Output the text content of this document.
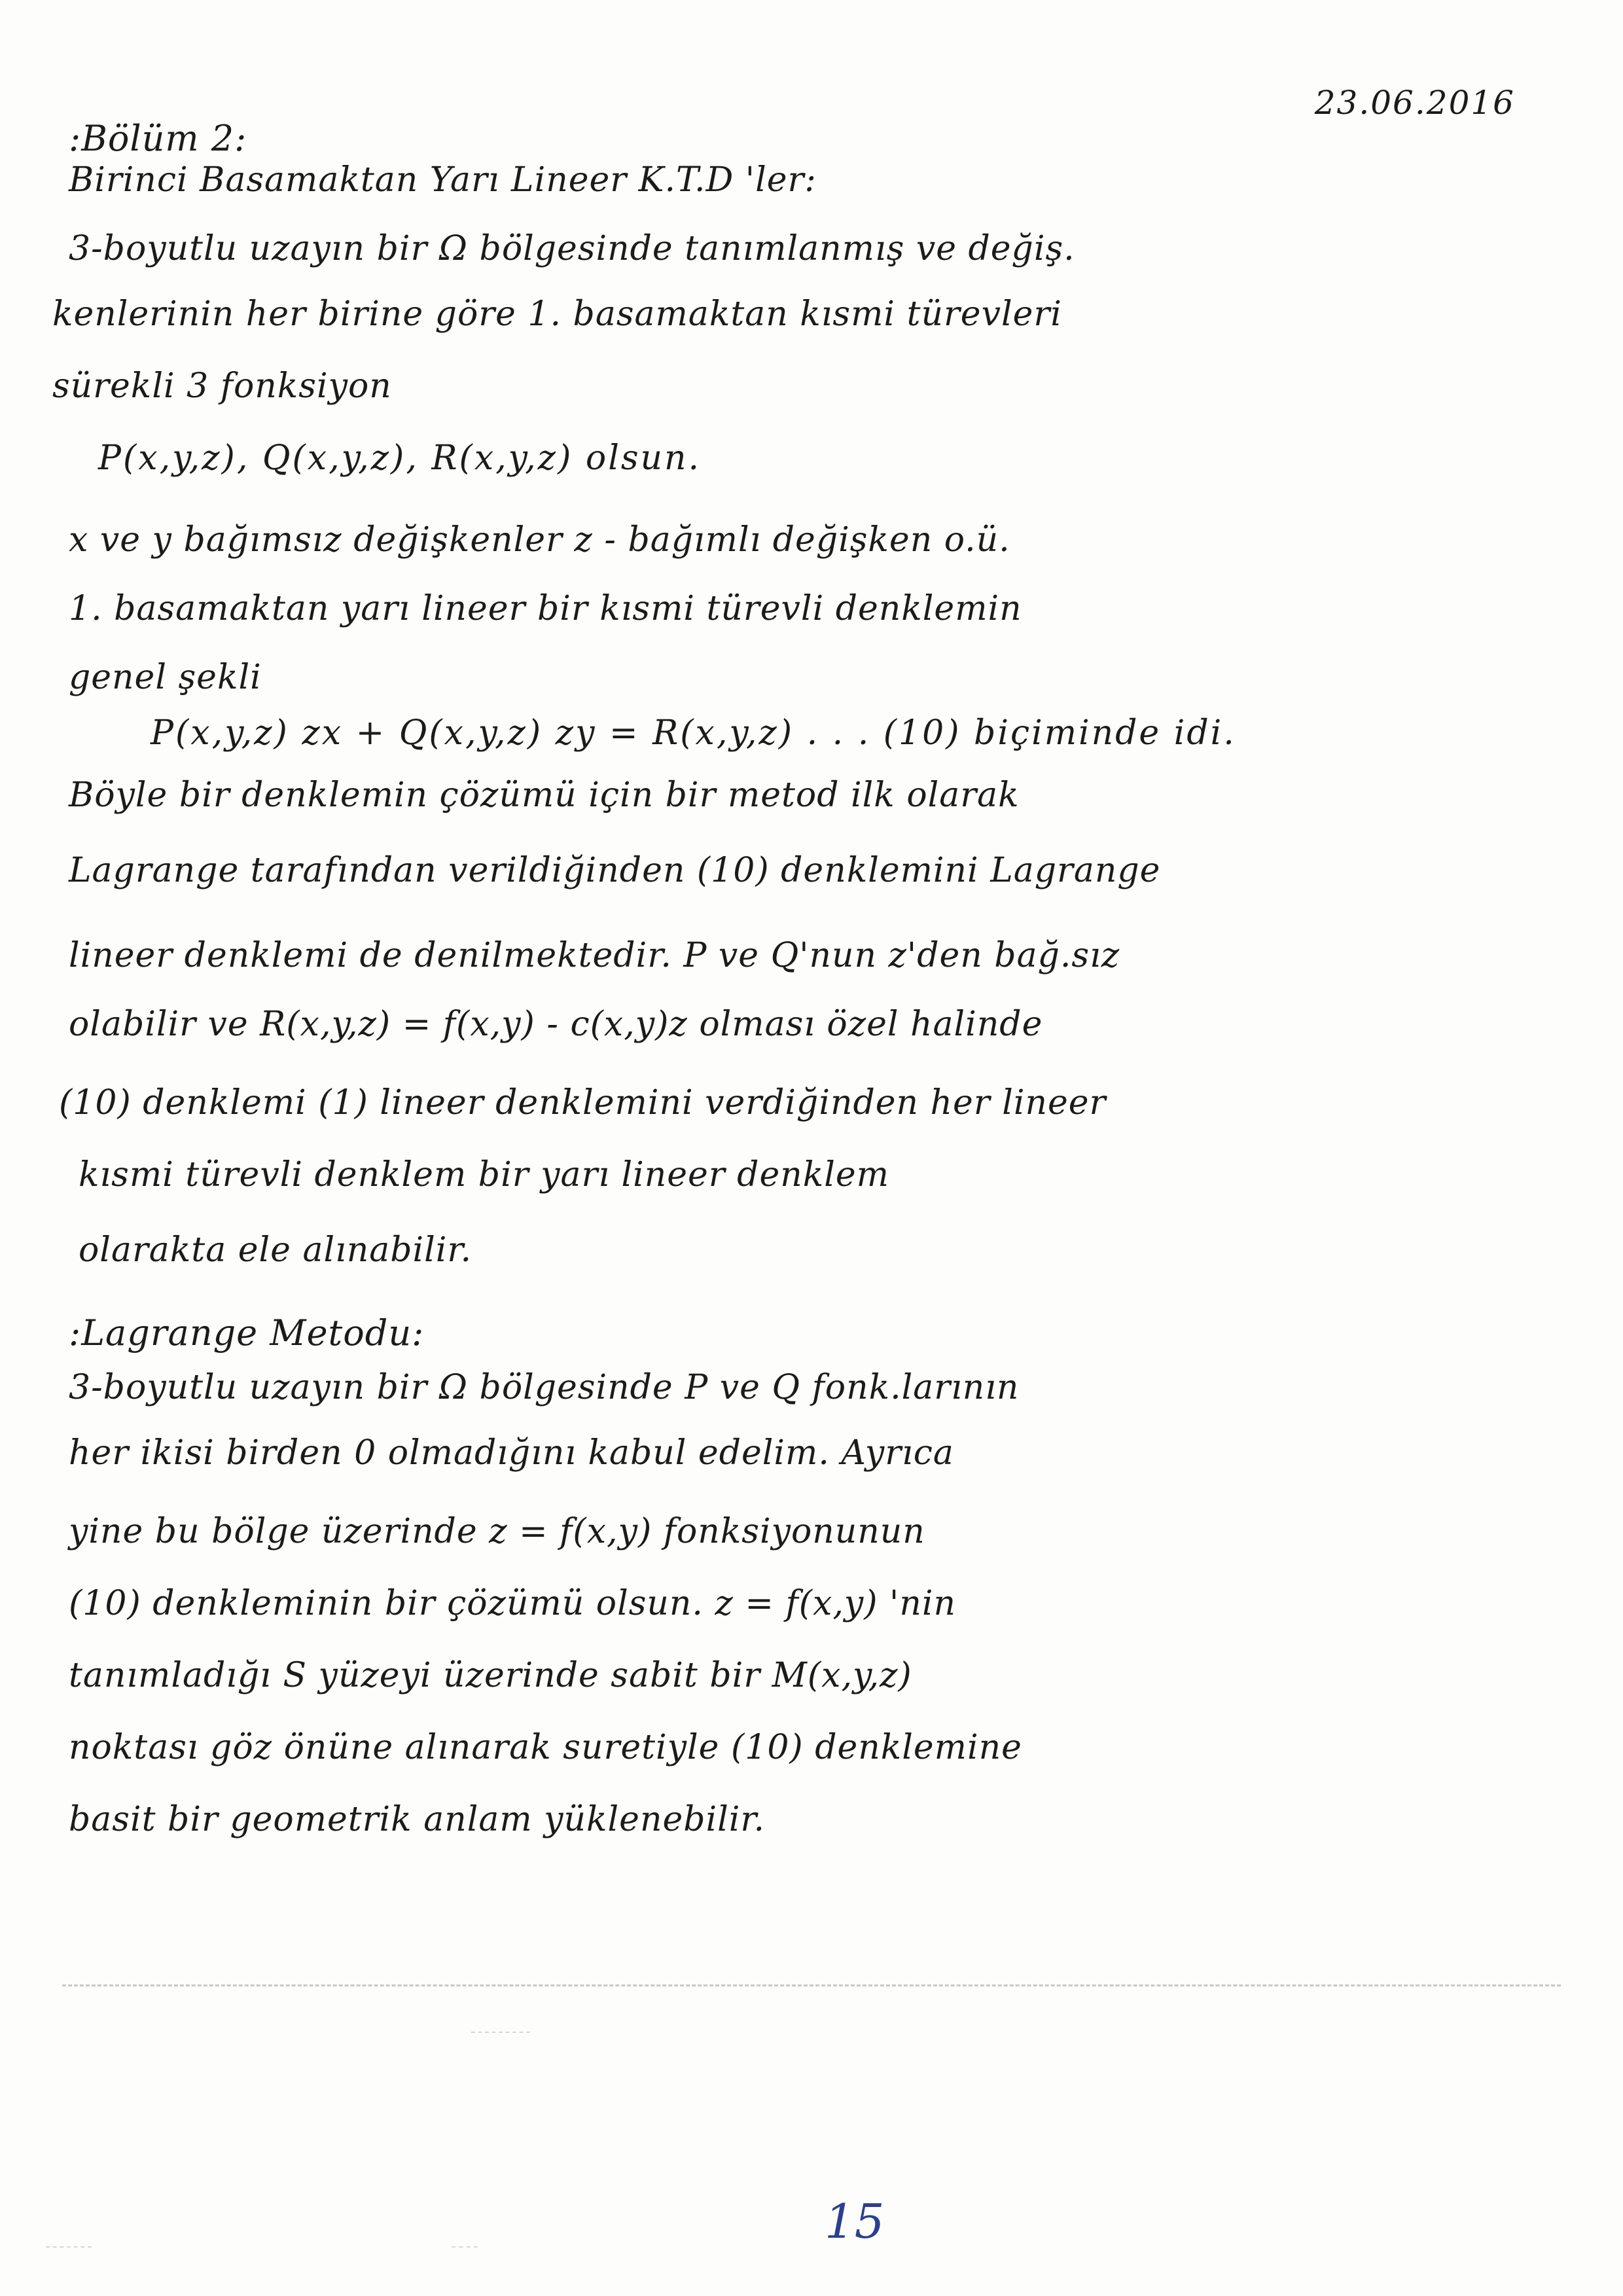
23.06.2016
:Bölüm 2:
Birinci Basamaktan Yarı Lineer K.T.D 'ler:
3-boyutlu uzayın bir Ω bölgesinde tanımlanmış ve değiş.
kenlerinin her birine göre 1. basamaktan kısmi türevleri
sürekli 3 fonksiyon
P(x,y,z), Q(x,y,z), R(x,y,z) olsun.
x ve y bağımsız değişkenler z - bağımlı değişken o.ü.
1. basamaktan yarı lineer bir kısmi türevli denklemin
genel şekli
P(x,y,z) zx + Q(x,y,z) zy = R(x,y,z) . . . (10) biçiminde idi.
Böyle bir denklemin çözümü için bir metod ilk olarak
Lagrange tarafından verildiğinden (10) denklemini Lagrange
lineer denklemi de denilmektedir. P ve Q'nun z'den bağ.sız
olabilir ve R(x,y,z) = f(x,y) - c(x,y)z olması özel halinde
(10) denklemi (1) lineer denklemini verdiğinden her lineer
kısmi türevli denklem bir yarı lineer denklem
olarakta ele alınabilir.
:Lagrange Metodu:
3-boyutlu uzayın bir Ω bölgesinde P ve Q fonk.larının
her ikisi birden 0 olmadığını kabul edelim. Ayrıca
yine bu bölge üzerinde z = f(x,y) fonksiyonunun
(10) denkleminin bir çözümü olsun. z = f(x,y) 'nin
tanımladığı S yüzeyi üzerinde sabit bir M(x,y,z)
noktası göz önüne alınarak suretiyle (10) denklemine
basit bir geometrik anlam yüklenebilir.
15
